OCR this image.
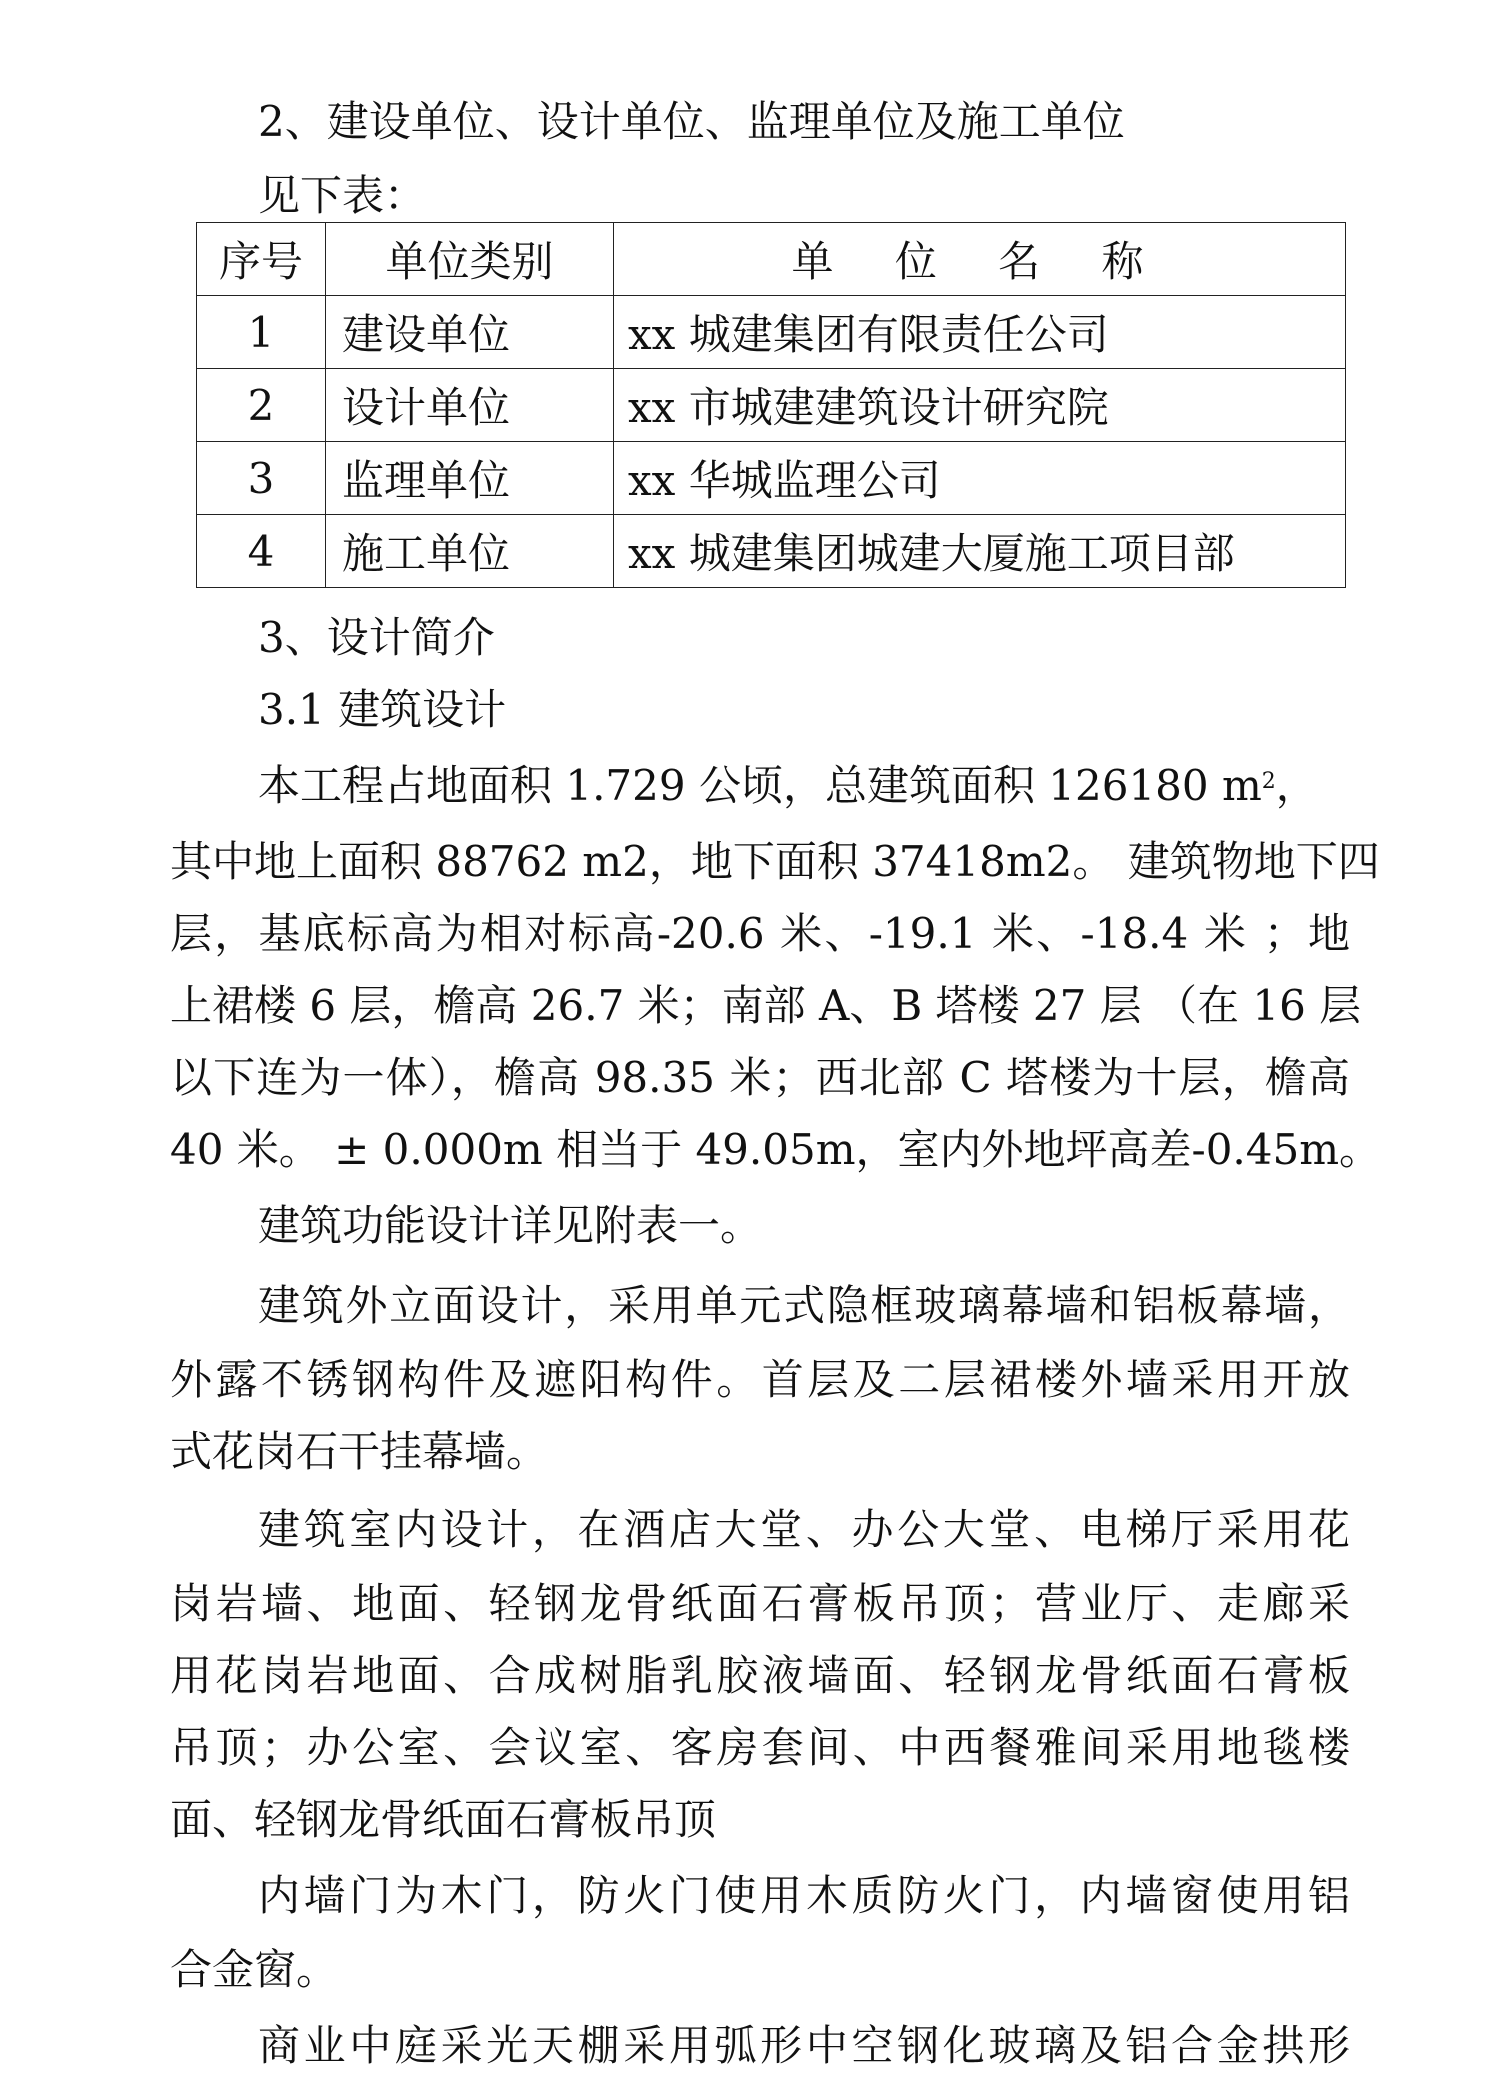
2、建设单位、设计单位、监理单位及施工单位
见下表：
序号	单位类别	单 位 名 称
1	建设单位	xx 城建集团有限责任公司
2	设计单位	xx 市城建建筑设计研究院
3	监理单位	xx 华城监理公司
4	施工单位	xx 城建集团城建大厦施工项目部
3、设计简介
3.1 建筑设计
本工程占地面积 1.729 公顷，总建筑面积 126180 $m^2$，
其中地上面积 88762 m2，地下面积 37418m2。 建筑物地下四
层，基底标高为相对标高-20.6 米、-19.1 米、-18.4 米 ；地
上裙楼 6 层，檐高 26.7 米；南部 A、B 塔楼 27 层 （在 16 层
以下连为一体），檐高 98.35 米；西北部 C 塔楼为十层，檐高
40 米。 ± 0.000m 相当于 49.05m，室内外地坪高差-0.45m。
建筑功能设计详见附表一。
建筑外立面设计，采用单元式隐框玻璃幕墙和铝板幕墙，
外露不锈钢构件及遮阳构件。首层及二层裙楼外墙采用开放
式花岗石干挂幕墙。
建筑室内设计，在酒店大堂、办公大堂、电梯厅采用花
岗岩墙、地面、轻钢龙骨纸面石膏板吊顶；营业厅、走廊采
用花岗岩地面、合成树脂乳胶液墙面、轻钢龙骨纸面石膏板
吊顶；办公室、会议室、客房套间、中西餐雅间采用地毯楼
面、轻钢龙骨纸面石膏板吊顶
内墙门为木门，防火门使用木质防火门，内墙窗使用铝
合金窗。
商业中庭采光天棚采用弧形中空钢化玻璃及铝合金拱形
